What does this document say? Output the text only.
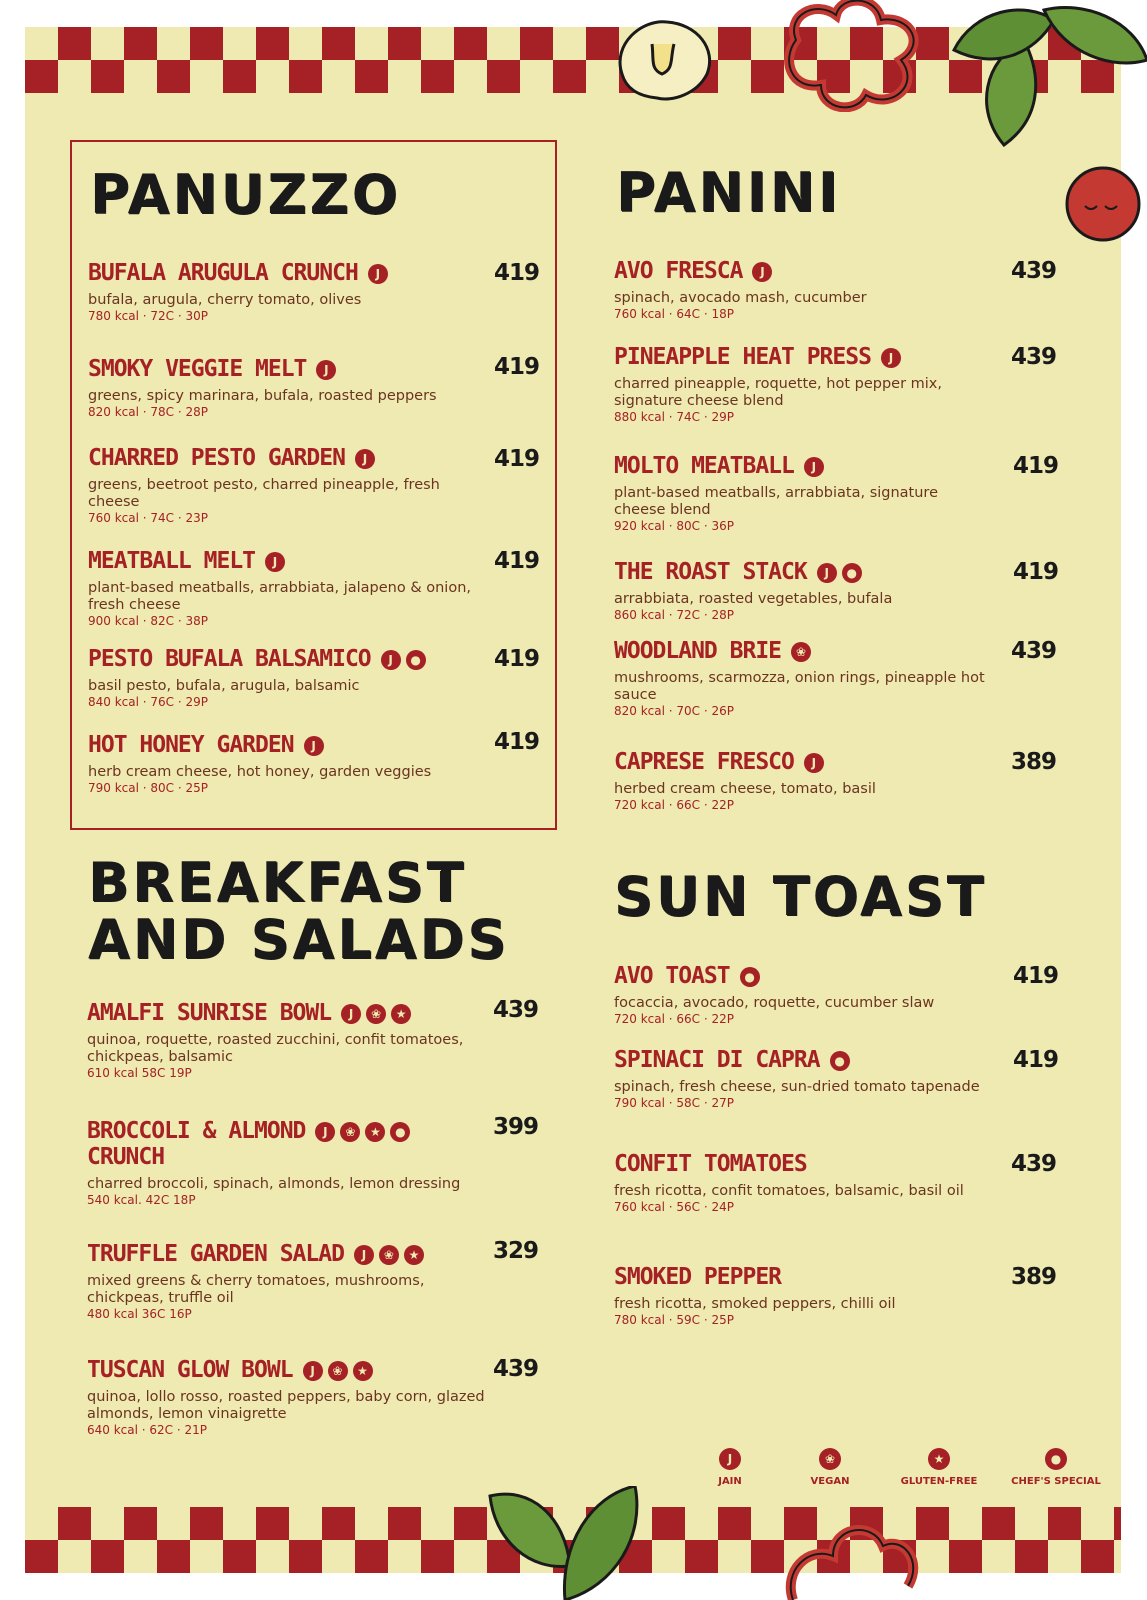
PANUZZO
BUFALA ARUGULA CRUNCH J
bufala, arugula, cherry tomato, olives
780 kcal · 72C · 30P
419
SMOKY VEGGIE MELT J
greens, spicy marinara, bufala, roasted peppers
820 kcal · 78C · 28P
419
CHARRED PESTO GARDEN J
greens, beetroot pesto, charred pineapple, fresh cheese
760 kcal · 74C · 23P
419
MEATBALL MELT J
plant-based meatballs, arrabbiata, jalapeno & onion, fresh cheese
900 kcal · 82C · 38P
419
PESTO BUFALA BALSAMICO J ●
basil pesto, bufala, arugula, balsamic
840 kcal · 76C · 29P
419
HOT HONEY GARDEN J
herb cream cheese, hot honey, garden veggies
790 kcal · 80C · 25P
419
PANINI
AVO FRESCA J
spinach, avocado mash, cucumber
760 kcal · 64C · 18P
439
PINEAPPLE HEAT PRESS J
charred pineapple, roquette, hot pepper mix, signature cheese blend
880 kcal · 74C · 29P
439
MOLTO MEATBALL J
plant-based meatballs, arrabbiata, signature cheese blend
920 kcal · 80C · 36P
419
THE ROAST STACK J ●
arrabbiata, roasted vegetables, bufala
860 kcal · 72C · 28P
419
WOODLAND BRIE ❀
mushrooms, scarmozza, onion rings, pineapple hot sauce
820 kcal · 70C · 26P
439
CAPRESE FRESCO J
herbed cream cheese, tomato, basil
720 kcal · 66C · 22P
389
BREAKFAST
AND SALADS
AMALFI SUNRISE BOWL J ❀ ★
quinoa, roquette, roasted zucchini, confit tomatoes, chickpeas, balsamic
610 kcal 58C 19P
439
BROCCOLI & ALMOND J ❀ ★ ●
CRUNCH
charred broccoli, spinach, almonds, lemon dressing
540 kcal. 42C 18P
399
TRUFFLE GARDEN SALAD J ❀ ★
mixed greens & cherry tomatoes, mushrooms, chickpeas, truffle oil
480 kcal 36C 16P
329
TUSCAN GLOW BOWL J ❀ ★
quinoa, lollo rosso, roasted peppers, baby corn, glazed almonds, lemon vinaigrette
640 kcal · 62C · 21P
439
SUN TOAST
AVO TOAST ●
focaccia, avocado, roquette, cucumber slaw
720 kcal · 66C · 22P
419
SPINACI DI CAPRA ●
spinach, fresh cheese, sun-dried tomato tapenade
790 kcal · 58C · 27P
419
CONFIT TOMATOES
fresh ricotta, confit tomatoes, balsamic, basil oil
760 kcal · 56C · 24P
439
SMOKED PEPPER
fresh ricotta, smoked peppers, chilli oil
780 kcal · 59C · 25P
389
J
JAIN
❀
VEGAN
★
GLUTEN-FREE
●
CHEF'S SPECIAL
